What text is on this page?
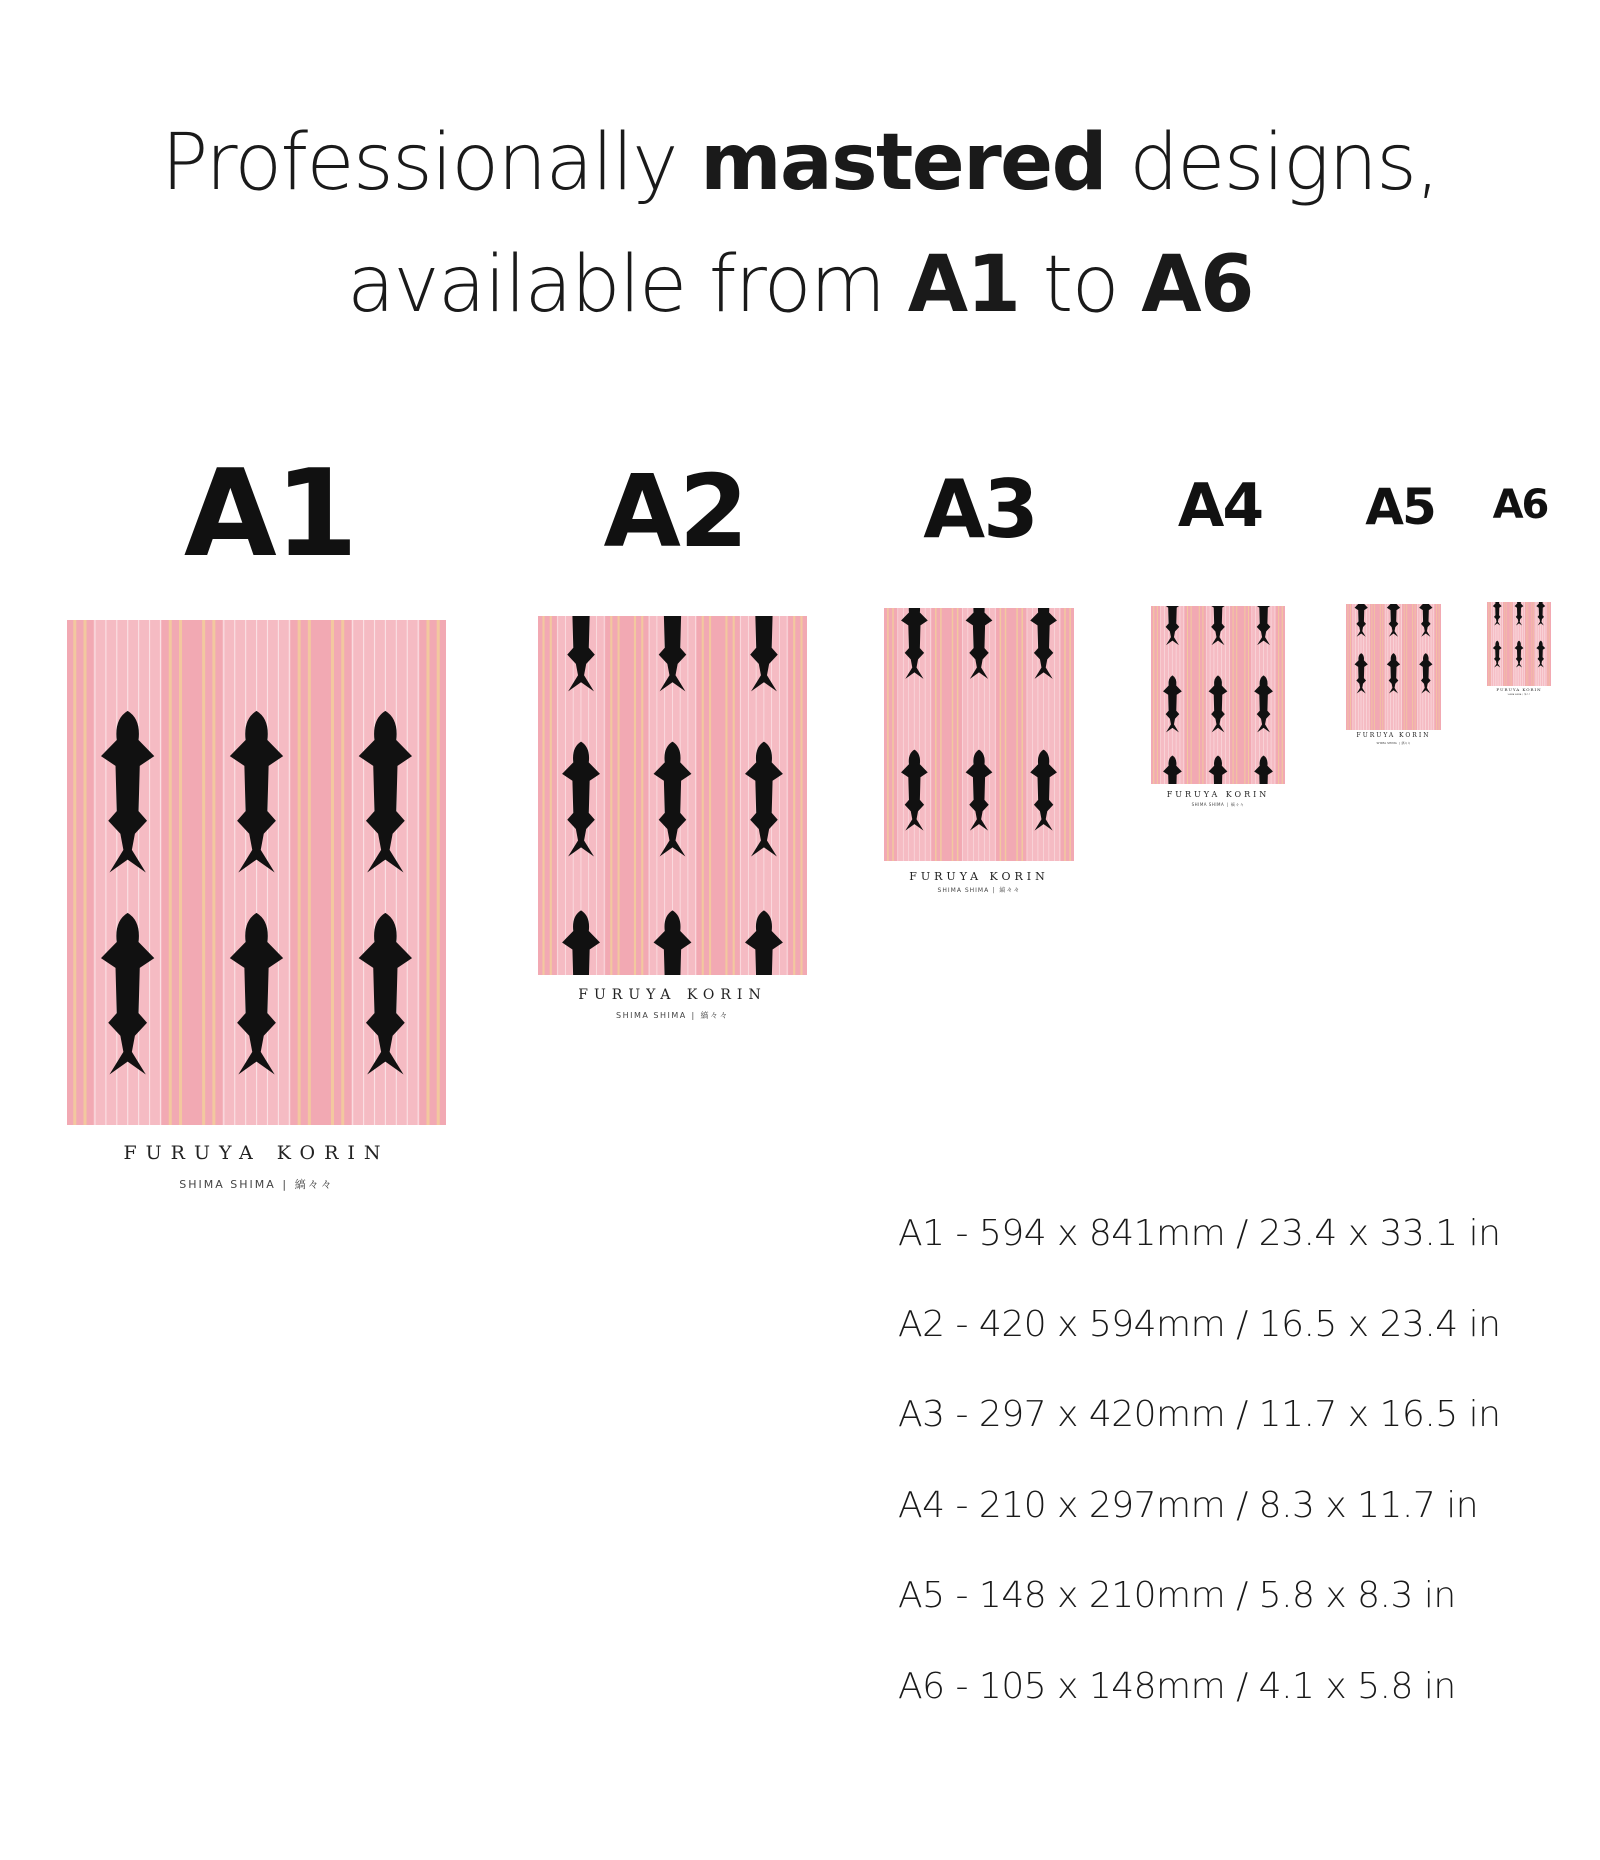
Professionally mastered designs,
available from A1 to A6
A1 A2 A3 A4	A5	A6
FURUYA KORIN
SHIMA SHIMA | 縞々々
FURUYA KORIN
SHIMA SHIMA | 縞々々
FURUYA KORIN
SHIMA SHIMA | 縞々々
FURUYA KORIN
SHIMA SHIMA | 縞々々
FURUYA KORIN
SHIMA SHIMA | 縞々々
FURUYA KORIN
SHIMA SHIMA|縞々々
A1 - 594 x 841mm / 23.4 x 33.1 in
A2 - 420 x 594mm / 16.5 x 23.4 in
A3 - 297 x 420mm / 11.7 x 16.5 in
A4 - 210 x 297mm / 8.3 x 11.7 in
A5 - 148 x 210mm / 5.8 x 8.3 in
A6 - 105 x 148mm / 4.1 x 5.8 in
